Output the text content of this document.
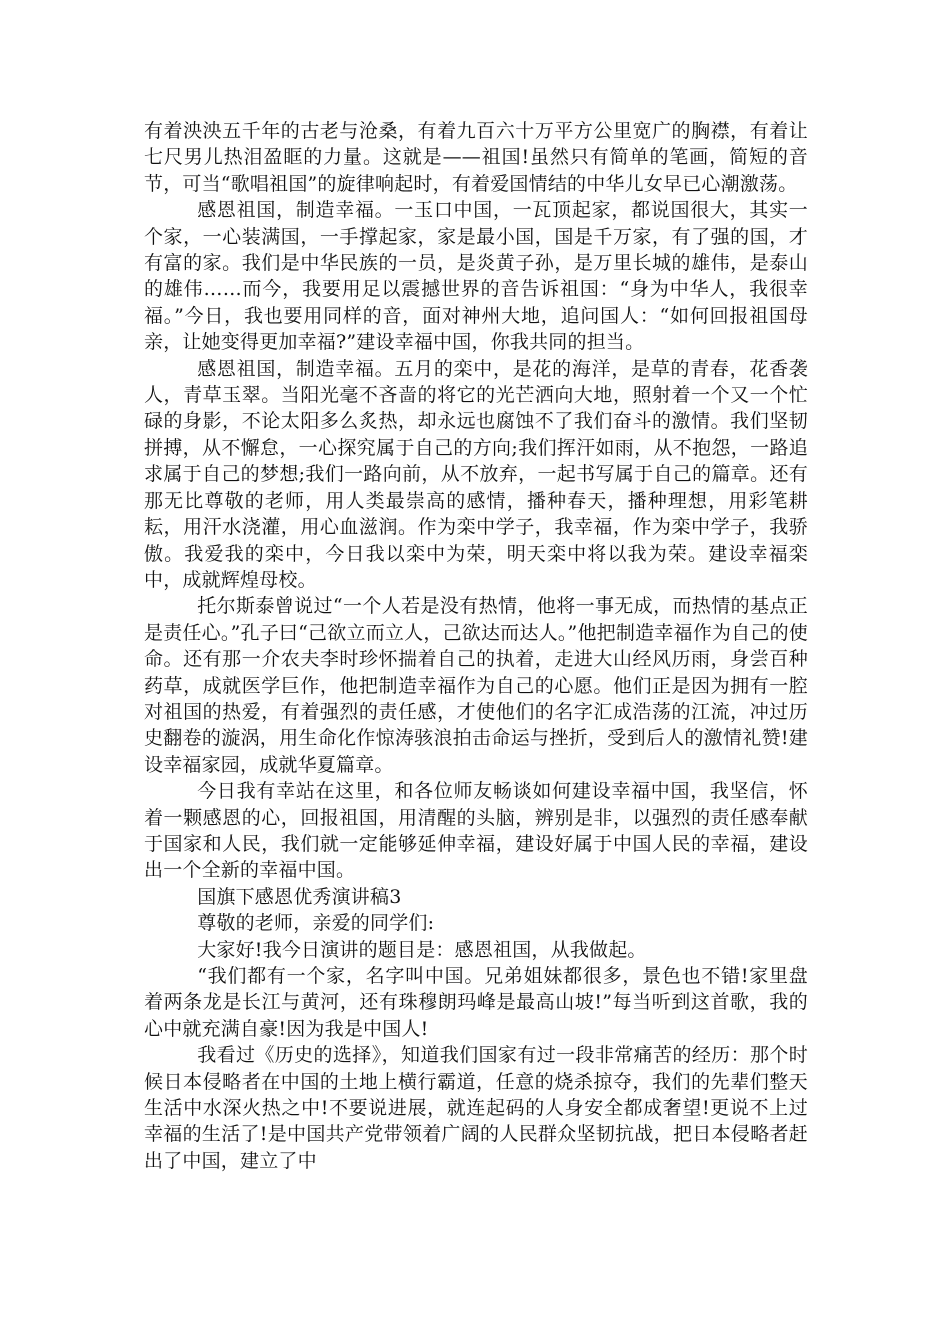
有着泱泱五千年的古老与沧桑，有着九百六十万平方公里宽广的胸襟，有着让七尺男儿热泪盈眶的力量。这就是——祖国!虽然只有简单的笔画，简短的音节，可当“歌唱祖国”的旋律响起时，有着爱国情结的中华儿女早已心潮激荡。

感恩祖国，制造幸福。一玉口中国，一瓦顶起家，都说国很大，其实一个家，一心装满国，一手撑起家，家是最小国，国是千万家，有了强的国，才有富的家。我们是中华民族的一员，是炎黄子孙，是万里长城的雄伟，是泰山的雄伟……而今，我要用足以震撼世界的音告诉祖国：“身为中华人，我很幸福。”今日，我也要用同样的音，面对神州大地，追问国人：“如何回报祖国母亲，让她变得更加幸福?”建设幸福中国，你我共同的担当。

感恩祖国，制造幸福。五月的栾中，是花的海洋，是草的青春，花香袭人，青草玉翠。当阳光毫不吝啬的将它的光芒洒向大地，照射着一个又一个忙碌的身影，不论太阳多么炙热，却永远也腐蚀不了我们奋斗的激情。我们坚韧拼搏，从不懈怠，一心探究属于自己的方向;我们挥汗如雨，从不抱怨，一路追求属于自己的梦想;我们一路向前，从不放弃，一起书写属于自己的篇章。还有那无比尊敬的老师，用人类最崇高的感情，播种春天，播种理想，用彩笔耕耘，用汗水浇灌，用心血滋润。作为栾中学子，我幸福，作为栾中学子，我骄傲。我爱我的栾中，今日我以栾中为荣，明天栾中将以我为荣。建设幸福栾中，成就辉煌母校。

托尔斯泰曾说过“一个人若是没有热情，他将一事无成，而热情的基点正是责任心。”孔子曰“己欲立而立人，己欲达而达人。”他把制造幸福作为自己的使命。还有那一介农夫李时珍怀揣着自己的执着，走进大山经风历雨，身尝百种药草，成就医学巨作，他把制造幸福作为自己的心愿。他们正是因为拥有一腔对祖国的热爱，有着强烈的责任感，才使他们的名字汇成浩荡的江流，冲过历史翻卷的漩涡，用生命化作惊涛骇浪拍击命运与挫折，受到后人的激情礼赞!建设幸福家园，成就华夏篇章。

今日我有幸站在这里，和各位师友畅谈如何建设幸福中国，我坚信，怀着一颗感恩的心，回报祖国，用清醒的头脑，辨别是非，以强烈的责任感奉献于国家和人民，我们就一定能够延伸幸福，建设好属于中国人民的幸福，建设出一个全新的幸福中国。

国旗下感恩优秀演讲稿3

尊敬的老师，亲爱的同学们:

大家好!我今日演讲的题目是：感恩祖国，从我做起。

“我们都有一个家，名字叫中国。兄弟姐妹都很多，景色也不错!家里盘着两条龙是长江与黄河，还有珠穆朗玛峰是最高山坡!”每当听到这首歌，我的心中就充满自豪!因为我是中国人!

我看过《历史的选择》，知道我们国家有过一段非常痛苦的经历：那个时候日本侵略者在中国的土地上横行霸道，任意的烧杀掠夺，我们的先辈们整天生活中水深火热之中!不要说进展，就连起码的人身安全都成奢望!更说不上过幸福的生活了!是中国共产党带领着广阔的人民群众坚韧抗战，把日本侵略者赶出了中国，建立了中
